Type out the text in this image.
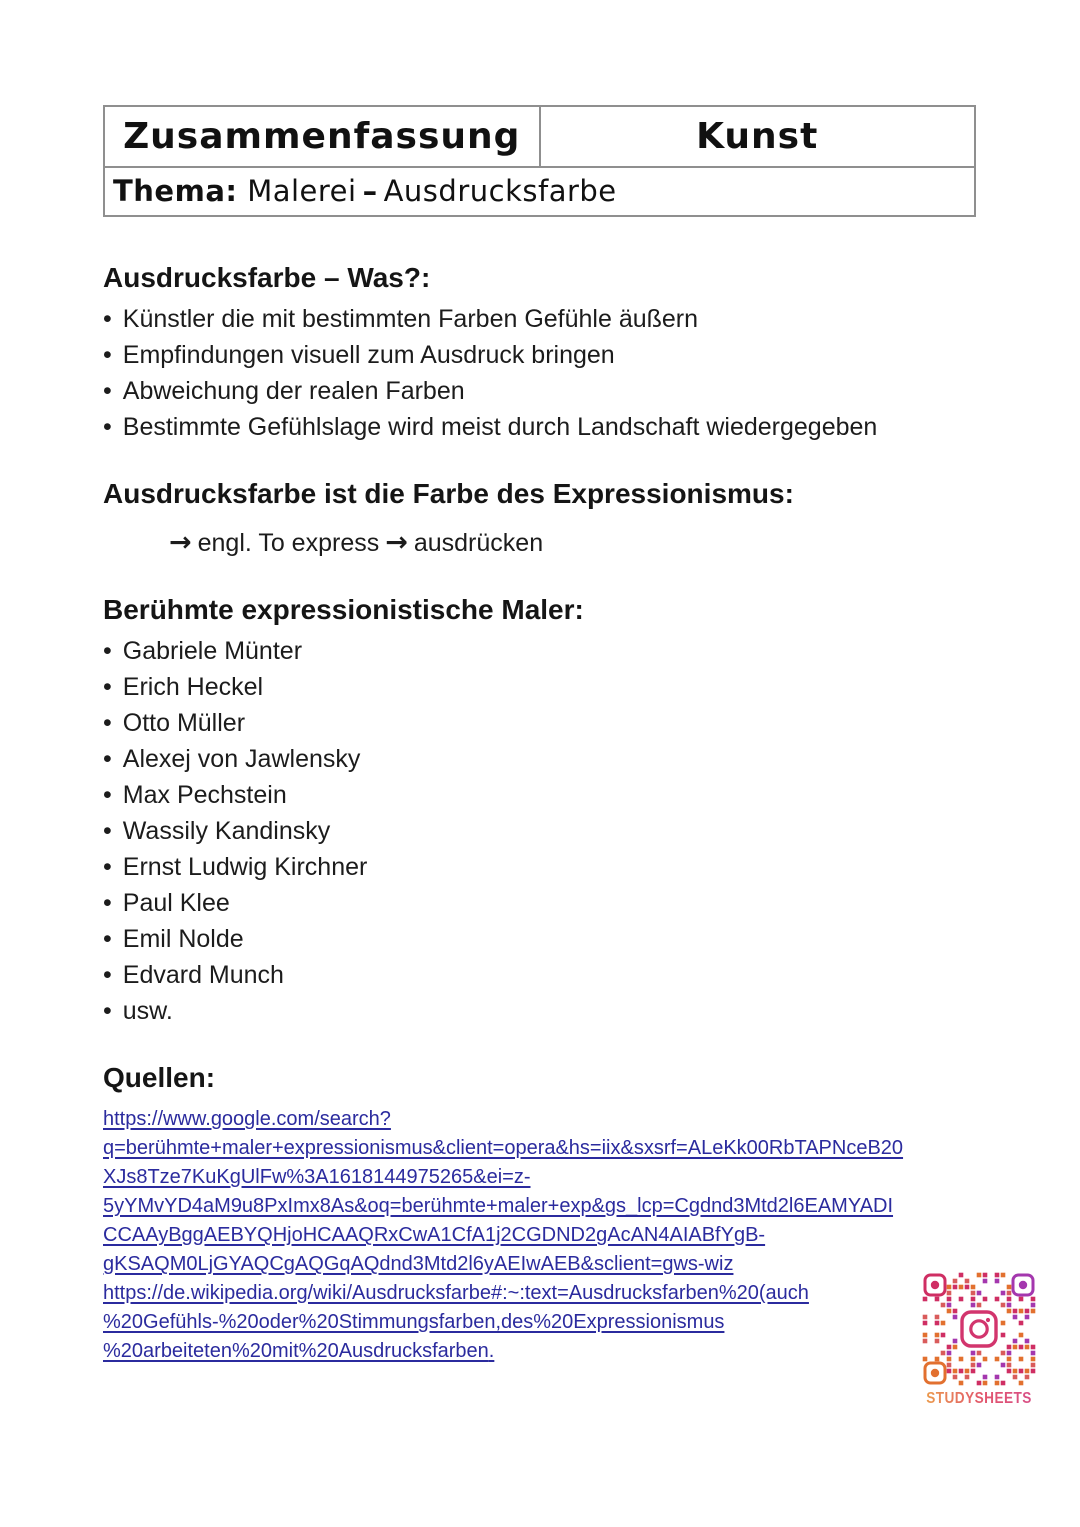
Zusammenfassung	Kunst
Thema: Malerei – Ausdrucksfarbe
Ausdrucksfarbe – Was?:
• Künstler die mit bestimmten Farben Gefühle äußern
• Empfindungen visuell zum Ausdruck bringen
• Abweichung der realen Farben
• Bestimmte Gefühlslage wird meist durch Landschaft wiedergegeben
Ausdrucksfarbe ist die Farbe des Expressionismus:
→ engl. To express → ausdrücken
Berühmte expressionistische Maler:
• Gabriele Münter
• Erich Heckel
• Otto Müller
• Alexej von Jawlensky
• Max Pechstein
• Wassily Kandinsky
• Ernst Ludwig Kirchner
• Paul Klee
• Emil Nolde
• Edvard Munch
• usw.
Quellen:
https://www.google.com/search?
q=berühmte+maler+expressionismus&client=opera&hs=iix&sxsrf=ALeKk00RbTAPNceB20
XJs8Tze7KuKgUlFw%3A1618144975265&ei=z-
5yYMvYD4aM9u8PxImx8As&oq=berühmte+maler+exp&gs_lcp=Cgdnd3Mtd2l6EAMYADI
CCAAyBggAEBYQHjoHCAAQRxCwA1CfA1j2CGDND2gAcAN4AIABfYgB-
gKSAQM0LjGYAQCgAQGqAQdnd3Mtd2l6yAEIwAEB&sclient=gws-wiz
https://de.wikipedia.org/wiki/Ausdrucksfarbe#:~:text=Ausdrucksfarben%20(auch
%20Gefühls-%20oder%20Stimmungsfarben,des%20Expressionismus
%20arbeiteten%20mit%20Ausdrucksfarben.
STUDYSHEETS.PC
